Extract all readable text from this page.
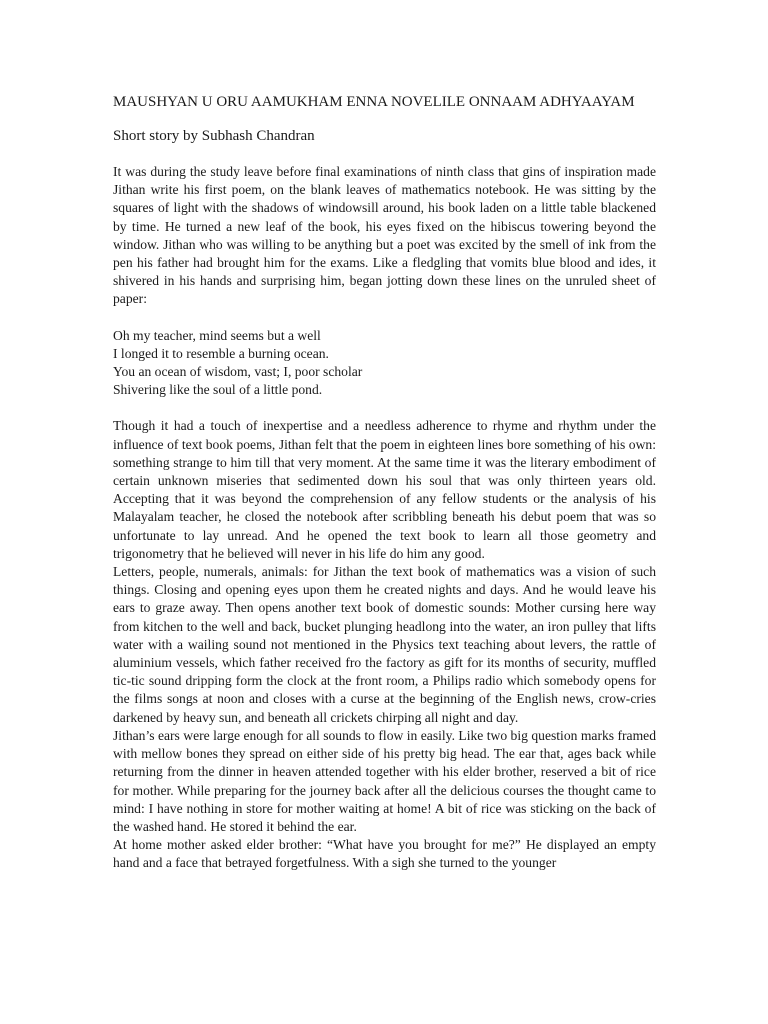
MAUSHYAN U ORU AAMUKHAM ENNA NOVELILE ONNAAM ADHYAAYAM

Short story by Subhash Chandran

It was during the study leave before final examinations of ninth class that gins of inspiration made Jithan write his first poem, on the blank leaves of mathematics notebook. He was sitting by the squares of light with the shadows of windowsill around, his book laden on a little table blackened by time. He turned a new leaf of the book, his eyes fixed on the hibiscus towering beyond the window. Jithan who was willing to be anything but a poet was excited by the smell of ink from the pen his father had brought him for the exams. Like a fledgling that vomits blue blood and ides, it shivered in his hands and surprising him, began jotting down these lines on the unruled sheet of paper:

Oh my teacher, mind seems but a well
I longed it to resemble a burning ocean.
You an ocean of wisdom, vast; I, poor scholar
Shivering like the soul of a little pond.

Though it had a touch of inexpertise and a needless adherence to rhyme and rhythm under the influence of text book poems, Jithan felt that the poem in eighteen lines bore something of his own: something strange to him till that very moment. At the same time it was the literary embodiment of certain unknown miseries that sedimented down his soul that was only thirteen years old. Accepting that it was beyond the comprehension of any fellow students or the analysis of his Malayalam teacher, he closed the notebook after scribbling beneath his debut poem that was so unfortunate to lay unread. And he opened the text book to learn all those geometry and trigonometry that he believed will never in his life do him any good.

Letters, people, numerals, animals: for Jithan the text book of mathematics was a vision of such things. Closing and opening eyes upon them he created nights and days. And he would leave his ears to graze away. Then opens another text book of domestic sounds: Mother cursing here way from kitchen to the well and back, bucket plunging headlong into the water, an iron pulley that lifts water with a wailing sound not mentioned in the Physics text teaching about levers, the rattle of aluminium vessels, which father received fro the factory as gift for its months of security, muffled tic-tic sound dripping form the clock at the front room, a Philips radio which somebody opens for the films songs at noon and closes with a curse at the beginning of the English news, crow-cries darkened by heavy sun, and beneath all crickets chirping all night and day.

Jithan’s ears were large enough for all sounds to flow in easily. Like two big question marks framed with mellow bones they spread on either side of his pretty big head. The ear that, ages back while returning from the dinner in heaven attended together with his elder brother, reserved a bit of rice for mother. While preparing for the journey back after all the delicious courses the thought came to mind: I have nothing in store for mother waiting at home! A bit of rice was sticking on the back of the washed hand. He stored it behind the ear.

At home mother asked elder brother: “What have you brought for me?” He displayed an empty hand and a face that betrayed forgetfulness. With a sigh she turned to the younger
